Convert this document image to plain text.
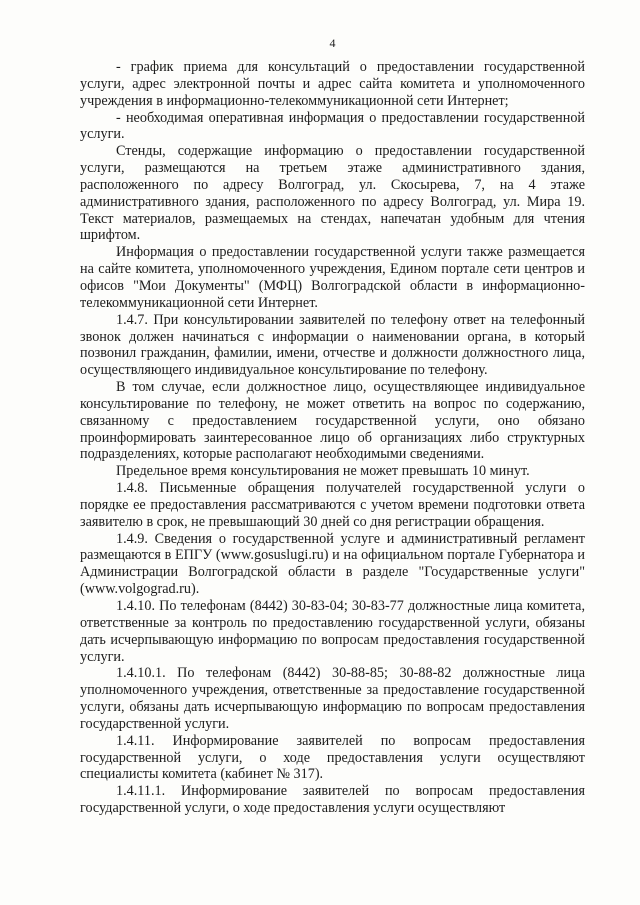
4

- график приема для консультаций о предоставлении государственной услуги, адрес электронной почты и адрес сайта комитета и уполномоченного учреждения в информационно-телекоммуникационной сети Интернет;

- необходимая оперативная информация о предоставлении государственной услуги.

Стенды, содержащие информацию о предоставлении государственной услуги, размещаются на третьем этаже административного здания, расположенного по адресу Волгоград, ул. Скосырева, 7, на 4 этаже административного здания, расположенного по адресу Волгоград, ул. Мира 19. Текст материалов, размещаемых на стендах, напечатан удобным для чтения шрифтом.

Информация о предоставлении государственной услуги также размещается на сайте комитета, уполномоченного учреждения, Едином портале сети центров и офисов "Мои Документы" (МФЦ) Волгоградской области в информационно-телекоммуникационной сети Интернет.

1.4.7. При консультировании заявителей по телефону ответ на телефонный звонок должен начинаться с информации о наименовании органа, в который позвонил гражданин, фамилии, имени, отчестве и должности должностного лица, осуществляющего индивидуальное консультирование по телефону.

В том случае, если должностное лицо, осуществляющее индивидуальное консультирование по телефону, не может ответить на вопрос по содержанию, связанному с предоставлением государственной услуги, оно обязано проинформировать заинтересованное лицо об организациях либо структурных подразделениях, которые располагают необходимыми сведениями.

Предельное время консультирования не может превышать 10 минут.

1.4.8. Письменные обращения получателей государственной услуги о порядке ее предоставления рассматриваются с учетом времени подготовки ответа заявителю в срок, не превышающий 30 дней со дня регистрации обращения.

1.4.9. Сведения о государственной услуге и административный регламент размещаются в ЕПГУ (www.gosuslugi.ru) и на официальном портале Губернатора и Администрации Волгоградской области в разделе "Государственные услуги" (www.volgograd.ru).

1.4.10. По телефонам (8442) 30-83-04; 30-83-77 должностные лица комитета, ответственные за контроль по предоставлению государственной услуги, обязаны дать исчерпывающую информацию по вопросам предоставления государственной услуги.

1.4.10.1. По телефонам (8442) 30-88-85; 30-88-82 должностные лица уполномоченного учреждения, ответственные за предоставление государственной услуги, обязаны дать исчерпывающую информацию по вопросам предоставления государственной услуги.

1.4.11. Информирование заявителей по вопросам предоставления государственной услуги, о ходе предоставления услуги осуществляют специалисты комитета (кабинет № 317).

1.4.11.1. Информирование заявителей по вопросам предоставления государственной услуги, о ходе предоставления услуги осуществляют
